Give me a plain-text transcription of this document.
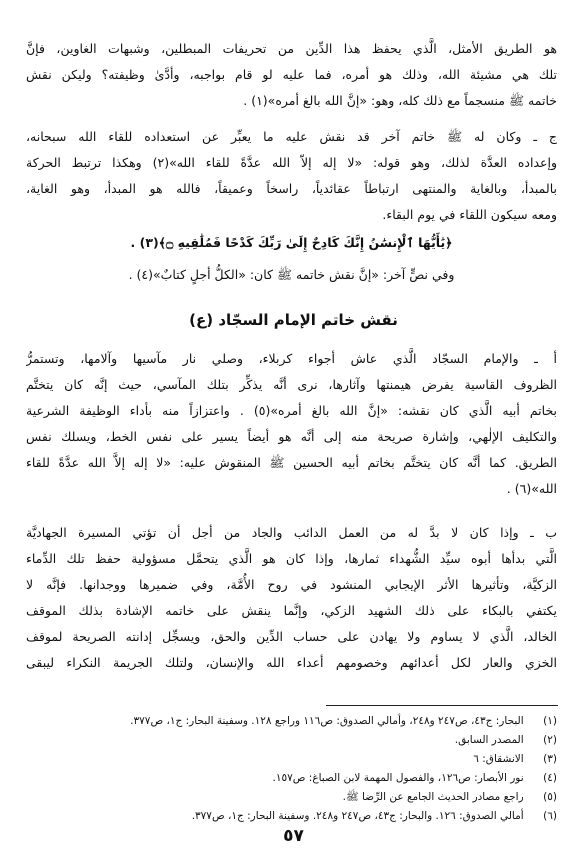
هو الطريق الأمثل، الَّذي يحفظ هذا الدِّين من تحريفات المبطلين، وشبهات الغاوين، فإنَّ
تلك هي مشيئة الله، وذلك هو أمره، فما عليه لو قام بواجبه، وأدَّىٰ وظيفته؟ وليكن نقش
خاتمه ﷺ منسجماً مع ذلك كله، وهو: «إنَّ الله بالغ أمره»(١) .
ج ـ وكان له ﷺ خاتم آخر قد نقش عليه ما يعبِّر عن استعداده للقاء الله سبحانه،
وإعداده العدَّة لذلك، وهو قوله: «لا إله إلاّ الله عدَّةً للقاء الله»(٢) وهكذا ترتبط الحركة
بالمبدأ، وبالغاية والمنتهى ارتباطاً عقائدياً، راسخاً وعميقاً، فالله هو المبدأ، وهو الغاية،
ومعه سيكون اللقاء في يوم البقاء.
﴿يَٰأَيُّهَا ٱلْإِنسَٰنُ إِنَّكَ كَادِحٌ إِلَىٰ رَبِّكَ كَدْحًا فَمُلَٰقِيهِ ۝﴾(٣) .
وفي نصٍّ آخر: «إنَّ نقش خاتمه ﷺ كان: «الكلُّ أجلٍ كتابٌ»(٤) .
نقش خاتم الإمام السجّاد (ع)
أ ـ والإمام السجّاد الَّذي عاش أجواء كربلاء، وصلي نار مآسيها وآلامها، وتستمرُّ
الظروف القاسية يفرض هيمنتها وآثارها، نرى أنَّه يذكِّر بتلك المآسي، حيث إنَّه كان يتختَّم
بخاتم أبيه الَّذي كان نقشه: «إنَّ الله بالغ أمره»(٥) . واعتزازاً منه بأداء الوظيفة الشرعية
والتكليف الإلٰهي، وإشارة صريحة منه إلى أنَّه هو أيضاً يسير على نفس الخط، ويسلك نفس
الطريق. كما أنَّه كان يتختَّم بخاتم أبيه الحسين ﷺ المنقوش عليه: «لا إله إلاَّ الله عدَّةً للقاء
الله»(٦) .
ب ـ وإذا كان لا بدَّ له من العمل الدائب والجاد من أجل أن تؤتي المسيرة الجهاديَّة
الَّتي بدأها أبوه سيِّد الشُّهداء ثمارها، وإذا كان هو الَّذي يتحمَّل مسؤولية حفظ تلك الدِّماء
الزكيَّة، وتأثيرها الأثر الإيجابي المنشود في روح الأُمَّة، وفي ضميرها ووجدانها. فإنَّه لا
يكتفي بالبكاء على ذلك الشهيد الزكي، وإنَّما ينقش على خاتمه الإشادة بذلك الموقف
الخالد، الَّذي لا يساوم ولا يهادن على حساب الدِّين والحق، ويسجِّل إدانته الصريحة لموقف
الخزي والعار لكل أعدائهم وخصومهم أعداء الله والإنسان، ولتلك الجريمة النكراء ليبقى
(١) البحار: ج٤٣، ص٢٤٧ و٢٤٨، وأمالي الصدوق: ص١١٦ وراجع ١٢٨. وسفينة البحار: ج١، ص٣٧٧.
(٢) المصدر السابق.
(٣) الانشقاق: ٦
(٤) نور الأبصار: ص١٢٦، والفصول المهمة لابن الصباغ: ص١٥٧.
(٥) راجع مصادر الحديث الجامع عن الرِّضا ﷺ.
(٦) أمالي الصدوق: ١٢٦. والبحار: ج٤٣، ص٢٤٧ و٢٤٨. وسفينة البحار: ج١، ص٣٧٧.
٥٧
